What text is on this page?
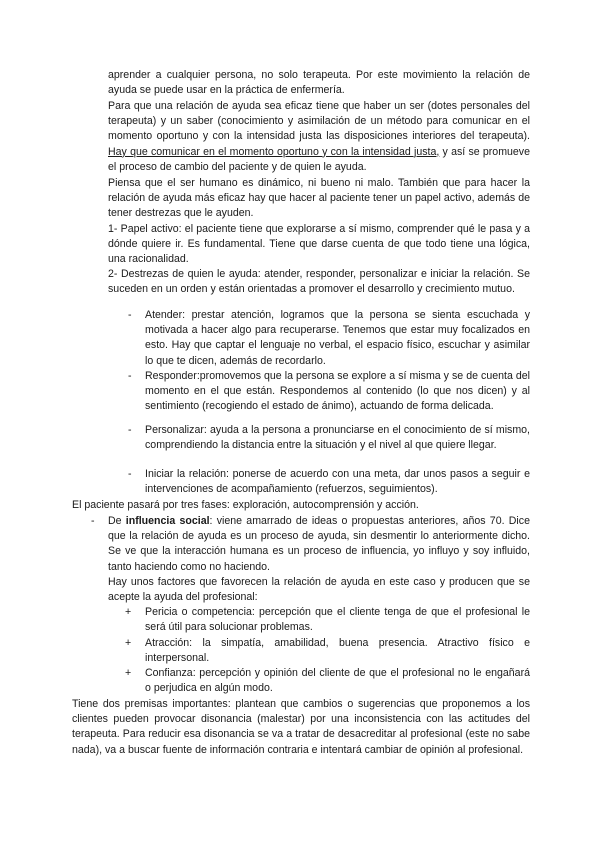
aprender a cualquier persona, no solo terapeuta. Por este movimiento la relación de ayuda se puede usar en la práctica de enfermería.

Para que una relación de ayuda sea eficaz tiene que haber un ser (dotes personales del terapeuta) y un saber (conocimiento y asimilación de un método para comunicar en el momento oportuno y con la intensidad justa las disposiciones interiores del terapeuta). Hay que comunicar en el momento oportuno y con la intensidad justa, y así se promueve el proceso de cambio del paciente y de quien le ayuda.

Piensa que el ser humano es dinámico, ni bueno ni malo. También que para hacer la relación de ayuda más eficaz hay que hacer al paciente tener un papel activo, además de tener destrezas que le ayuden.

1- Papel activo: el paciente tiene que explorarse a sí mismo, comprender qué le pasa y a dónde quiere ir. Es fundamental. Tiene que darse cuenta de que todo tiene una lógica, una racionalidad.

2- Destrezas de quien le ayuda: atender, responder, personalizar e iniciar la relación. Se suceden en un orden y están orientadas a promover el desarrollo y crecimiento mutuo.

- Atender: prestar atención, logramos que la persona se sienta escuchada y motivada a hacer algo para recuperarse. Tenemos que estar muy focalizados en esto. Hay que captar el lenguaje no verbal, el espacio físico, escuchar y asimilar lo que te dicen, además de recordarlo.

- Responder:promovemos que la persona se explore a sí misma y se de cuenta del momento en el que están. Respondemos al contenido (lo que nos dicen) y al sentimiento (recogiendo el estado de ánimo), actuando de forma delicada.

- Personalizar: ayuda a la persona a pronunciarse en el conocimiento de sí mismo, comprendiendo la distancia entre la situación y el nivel al que quiere llegar.

- Iniciar la relación: ponerse de acuerdo con una meta, dar unos pasos a seguir e intervenciones de acompañamiento (refuerzos, seguimientos).

El paciente pasará por tres fases: exploración, autocomprensión y acción.

- De influencia social: viene amarrado de ideas o propuestas anteriores, años 70. Dice que la relación de ayuda es un proceso de ayuda, sin desmentir lo anteriormente dicho. Se ve que la interacción humana es un proceso de influencia, yo influyo y soy influido, tanto haciendo como no haciendo.

Hay unos factores que favorecen la relación de ayuda en este caso y producen que se acepte la ayuda del profesional:

+ Pericia o competencia: percepción que el cliente tenga de que el profesional le será útil para solucionar problemas.

+ Atracción: la simpatía, amabilidad, buena presencia. Atractivo físico e interpersonal.

+ Confianza: percepción y opinión del cliente de que el profesional no le engañará o perjudica en algún modo.

Tiene dos premisas importantes: plantean que cambios o sugerencias que proponemos a los clientes pueden provocar disonancia (malestar) por una inconsistencia con las actitudes del terapeuta. Para reducir esa disonancia se va a tratar de desacreditar al profesional (este no sabe nada), va a buscar fuente de información contraria e intentará cambiar de opinión al profesional.
